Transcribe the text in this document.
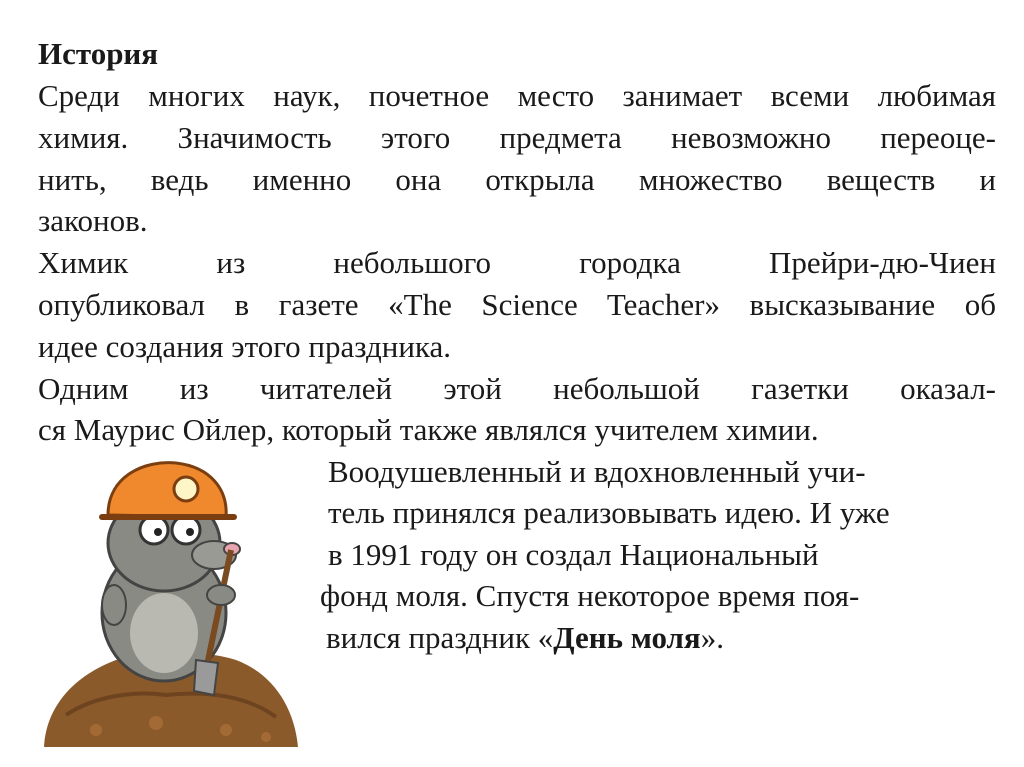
История
Среди многих наук, почетное место занимает всеми любимая
химия. Значимость этого предмета невозможно переоце-
нить, ведь именно она открыла множество веществ и
законов.
Химик из небольшого городка Прейри-дю-Чиен
опубликовал в газете «The Science Teacher» высказывание об
идее создания этого праздника.
Одним из читателей этой небольшой газетки оказал-
ся Маурис Ойлер, который также являлся учителем химии.
Воодушевленный и вдохновленный учи-
тель принялся реализовывать идею. И уже
в 1991 году он создал Национальный
фонд моля. Спустя некоторое время поя-
вился праздник «День моля».
